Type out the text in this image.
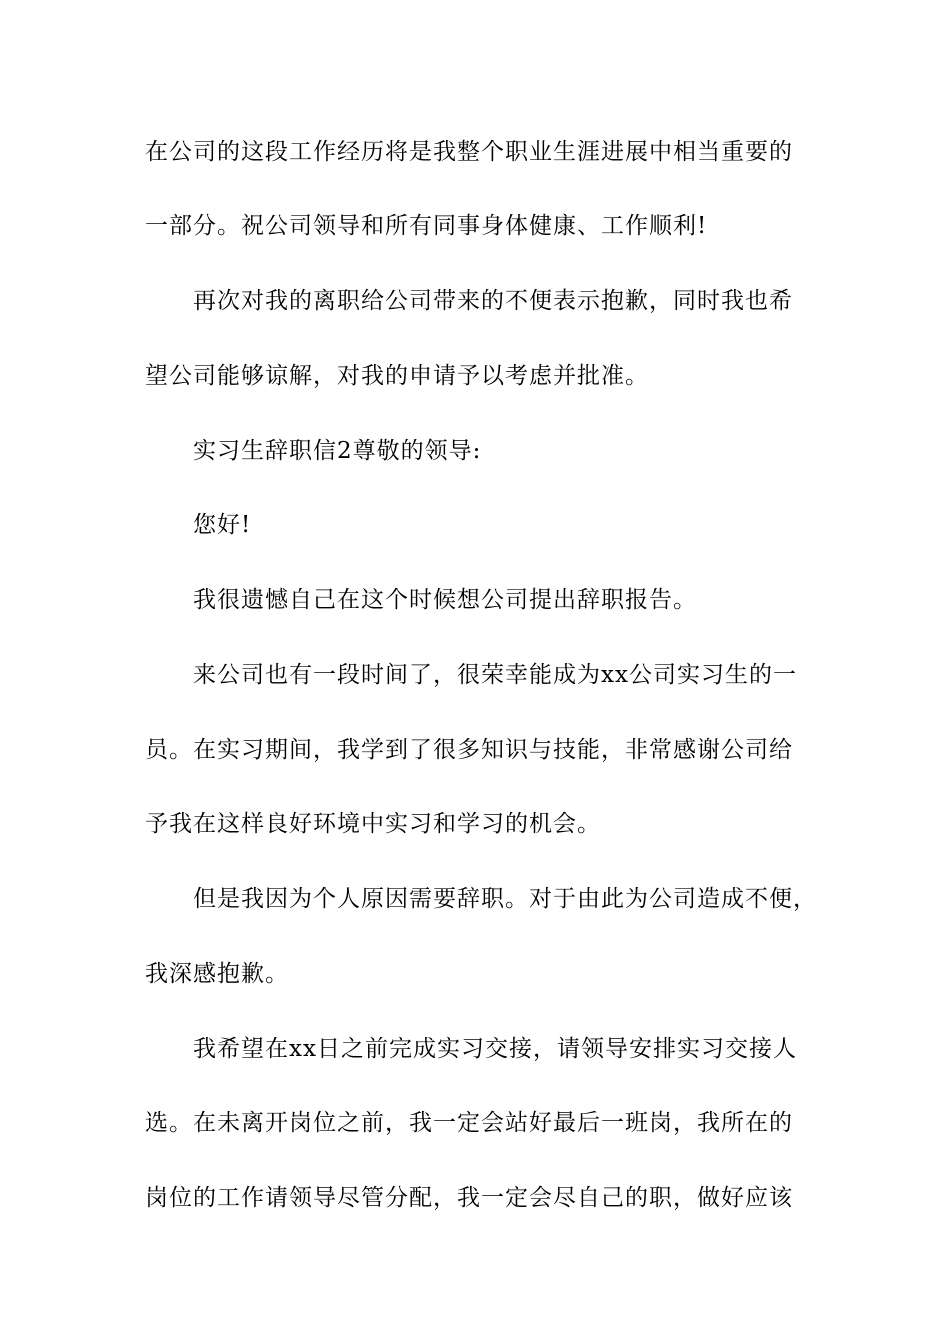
在公司的这段工作经历将是我整个职业生涯进展中相当重要的
一部分。祝公司领导和所有同事身体健康、工作顺利!
再次对我的离职给公司带来的不便表示抱歉，同时我也希
望公司能够谅解，对我的申请予以考虑并批准。
实习生辞职信2尊敬的领导:
您好!
我很遗憾自己在这个时候想公司提出辞职报告。
来公司也有一段时间了，很荣幸能成为xx公司实习生的一
员。在实习期间，我学到了很多知识与技能，非常感谢公司给
予我在这样良好环境中实习和学习的机会。
但是我因为个人原因需要辞职。对于由此为公司造成不便，
我深感抱歉。
我希望在xx日之前完成实习交接，请领导安排实习交接人
选。在未离开岗位之前，我一定会站好最后一班岗，我所在的
岗位的工作请领导尽管分配，我一定会尽自己的职，做好应该
